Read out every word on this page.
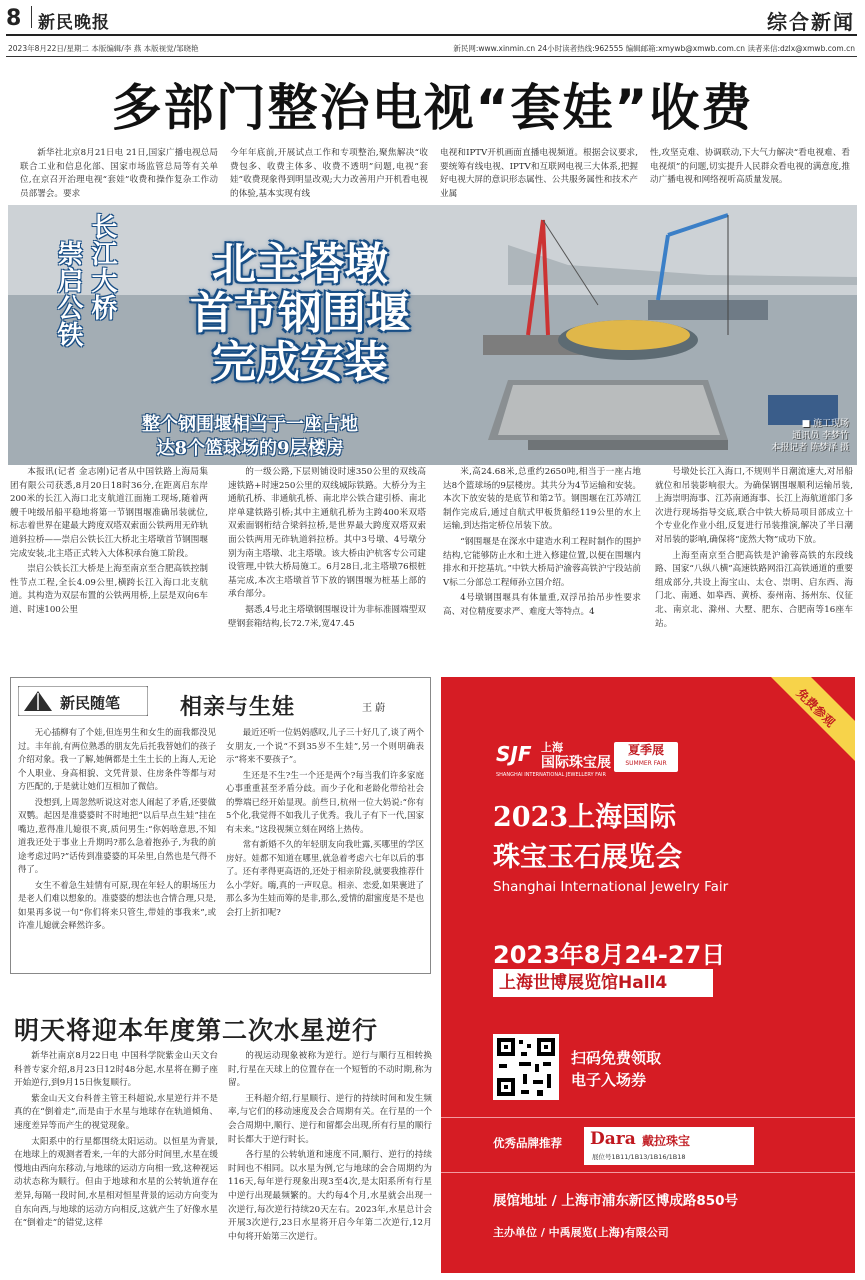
8 新民晚报	综合新闻
2023年8月22日/星期二 本版编辑/李 燕 本版视觉/邹晓艳	新民网:www.xinmin.cn 24小时读者热线:962555 编辑邮箱:xmywb@xmwb.com.cn 读者来信:dzlx@xmwb.com.cn
多部门整治电视“套娃”收费

新华社北京8月21日电 21日,国家广播电视总局联合工业和信息化部、国家市场监管总局等有关单位,在京召开治理电视“套娃”收费和操作复杂工作动员部署会。要求

今年年底前,开展试点工作和专项整治,聚焦解决“收费包多、收费主体多、收费不透明”问题,电视“套娃”收费现象得到明显改观;大力改善用户开机看电视的体验,基本实现有线

电视和IPTV开机画面直播电视频道。根据会议要求,要统筹有线电视、IPTV和互联网电视三大体系,把握好电视大屏的意识形态属性、公共服务属性和技术产业属

性,攻坚克难、协调联动,下大气力解决“看电视难、看电视烦”的问题,切实提升人民群众看电视的满意度,推动广播电视和网络视听高质量发展。

长江大桥
崇启公铁	北主塔墩
首节钢围堰
完成安装
整个钢围堰相当于一座占地
达8个篮球场的9层楼房
■ 施工现场
通讯员 李梦竹
本报记者 陈梦泽 摄

本报讯(记者 金志刚)记者从中国铁路上海局集团有限公司获悉,8月20日18时36分,在距离启东岸200米的长江入海口北支航道江面施工现场,随着两艘千吨级吊船平稳地将第一节钢围堰准确吊装就位,标志着世界在建最大跨度双塔双索面公铁两用无砟轨道斜拉桥——崇启公铁长江大桥北主塔墩首节钢围堰完成安装,北主塔正式转入大体积承台施工阶段。

崇启公铁长江大桥是上海至南京至合肥高铁控制性节点工程,全长4.09公里,横跨长江入海口北支航道。其构造为双层布置的公铁两用桥,上层是双向6车道、时速100公里

的一级公路,下层则铺设时速350公里的双线高速铁路+时速250公里的双线城际铁路。大桥分为主通航孔桥、非通航孔桥、南北岸公铁合建引桥、南北岸单建铁路引桥;其中主通航孔桥为主跨400米双塔双索面钢桁结合梁斜拉桥,是世界最大跨度双塔双索面公铁两用无砟轨道斜拉桥。其中3号墩、4号墩分别为南主塔墩、北主塔墩。该大桥由沪杭客专公司建设管理,中铁大桥局施工。6月28日,北主塔墩76根桩基完成,本次主塔墩首节下放的钢围堰为桩基上部的承台部分。

据悉,4号北主塔墩钢围堰设计为非标准圆端型双壁钢套箱结构,长72.7米,宽47.45

米,高24.68米,总重约2650吨,相当于一座占地达8个篮球场的9层楼房。其共分为4节运输和安装。本次下放安装的是底节和第2节。钢围堰在江苏靖江制作完成后,通过自航式甲板货船经119公里的水上运输,到达指定桥位吊装下放。

“钢围堰是在深水中建造水利工程时制作的围护结构,它能够防止水和土进入修建位置,以便在围堰内排水和开挖基坑。”中铁大桥局沪渝蓉高铁沪宁段站前V标二分部总工程师孙立国介绍。

4号墩钢围堰具有体量重,双浮吊抬吊步性要求高、对位精度要求严、难度大等特点。4

号墩处长江入海口,不规则半日潮流速大,对吊船就位和吊装影响很大。为确保钢围堰顺利运输吊装,上海崇明海事、江苏南通海事、长江上海航道部门多次进行现场指导交底,联合中铁大桥局项目部成立十个专业化作业小组,反复进行吊装推演,解决了半日潮对吊装的影响,确保将“庞然大物”成功下放。

上海至南京至合肥高铁是沪渝蓉高铁的东段线路、国家“八纵八横”高速铁路网沿江高铁通道的重要组成部分,共设上海宝山、太仓、崇明、启东西、海门北、南通、如皋西、黄桥、泰州南、扬州东、仪征北、南京北、滁州、大墅、肥东、合肥南等16座车站。

新民随笔	相亲与生娃	王 蔚

无心插柳有了个娃,但连男生和女生的面我都没见过。丰年前,有两位熟悉的朋友先后托我替她们的孩子介绍对象。我一了解,她俩都是土生土长的上海人,无论个人职业、身高相貌、文凭背景、住房条件等都与对方匹配的,于是就让她们互相加了微信。

没想到,上周忽然听说这对恋人闹起了矛盾,还要做双鹦。起因是准婆婆时不时地把“以后早点生娃”挂在嘴边,惹得准儿媳很不爽,质问男生:“你妈啥意思,不知道我还处于事业上升期吗?那么急着抱孙子,为我的前途考虑过吗?”话传到准婆婆的耳朵里,自然也是气得不得了。

女生不着急生娃情有可原,现在年轻人的职场压力是老人们难以想象的。准婆婆的想法也合情合理,只是,如果再多说一句“你们将来只管生,带娃的事我来”,或许准儿媳就会释然许多。

最近还听一位妈妈感叹,儿子三十好几了,谈了两个女朋友,一个说“不到35岁不生娃”,另一个则明确表示“将来不要孩子”。

生还是不生?生一个还是两个?每当我们许多家庭心事重重甚至矛盾分歧。而少子化和老龄化带给社会的弊端已经开始显现。前些日,杭州一位大妈说:“你有5个化,我觉得不如我儿子优秀。我儿子有下一代,国家有未来。”这段视频立刻在网络上热传。

常有新婚不久的年轻朋友向我吐露,买哪里的学区房好。娃都不知道在哪里,就急着考虑六七年以后的事了。还有孝得更高语的,还处于相亲阶段,就要我推荐什么小学好。嗨,真的一声叹息。相亲、恋爱,如果裹进了那么多为生娃而筹的是非,那么,爱情的甜蜜度是不是也会打上折扣呢?

明天将迎本年度第二次水星逆行

新华社南京8月22日电 中国科学院紫金山天文台科普专家介绍,8月23日12时48分起,水星将在狮子座开始逆行,到9月15日恢复顺行。

紫金山天文台科普主管王科超说,水星逆行并不是真的在“倒着走”,而是由于水星与地球存在轨道倾角、速度差异等而产生的视觉现象。

太阳系中的行星都围绕太阳运动。以恒星为背景,在地球上的观测者看来,一年的大部分时间里,水星在缓慢地由西向东移动,与地球的运动方向相一致,这种视运动状态称为顺行。但由于地球和水星的公转轨道存在差异,每隔一段时间,水星相对恒星背景的运动方向变为自东向西,与地球的运动方向相反,这就产生了好像水星在“倒着走”的错觉,这样

的视运动现象被称为逆行。逆行与顺行互相转换时,行星在天球上的位置存在一个短暂的不动时期,称为留。

王科超介绍,行星顺行、逆行的持续时间和发生频率,与它们的移动速度及会合周期有关。在行星的一个会合周期中,顺行、逆行和留都会出现,所有行星的顺行时长都大于逆行时长。

各行星的公转轨道和速度不同,顺行、逆行的持续时间也不相同。以水星为例,它与地球的会合周期约为116天,每年逆行现象出现3至4次,是太阳系所有行星中逆行出现最频繁的。大约每4个月,水星就会出现一次逆行,每次逆行持续20天左右。2023年,水星总计会开展3次逆行,23日水星将开启今年第二次逆行,12月中旬将开始第三次逆行。

免费参观
SJF 上海
国际珠宝展
SHANGHAI INTERNATIONAL JEWELLERY FAIR
夏季展
SUMMER FAIR
2023上海国际
珠宝玉石展览会
Shanghai International Jewelry Fair
2023年8月24-27日
上海世博展览馆Hall4
扫码免费领取
电子入场券
优秀品牌推荐 Dara 戴拉珠宝
展位号1B11/1B13/1B16/1B18
展馆地址 / 上海市浦东新区博成路850号
主办单位 / 中禹展览(上海)有限公司
